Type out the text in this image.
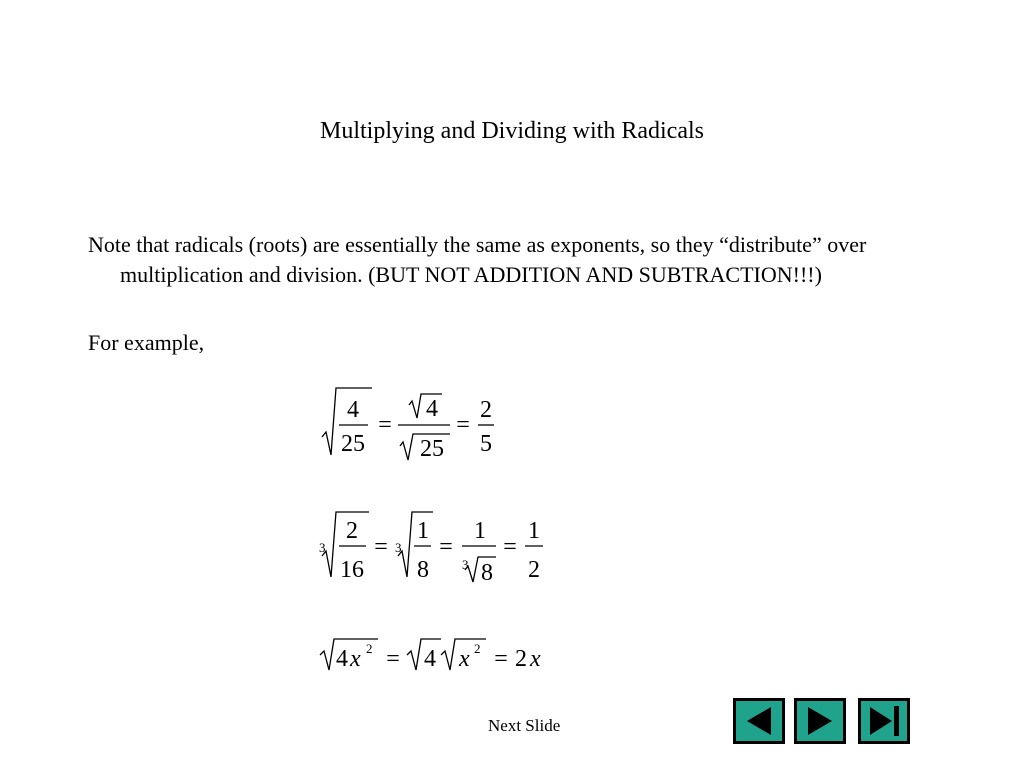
Multiplying and Dividing with Radicals
Note that radicals (roots) are essentially the same as exponents, so they “distribute” over multiplication and division. (BUT NOT ADDITION AND SUBTRACTION!!!)
For example,
4
25
=
4
25
=
2
5
3
2
16
= 3
1
8
=
1
3 8
=
1
2
4 x 2 = 4 x 2 = 2 x
Next Slide
